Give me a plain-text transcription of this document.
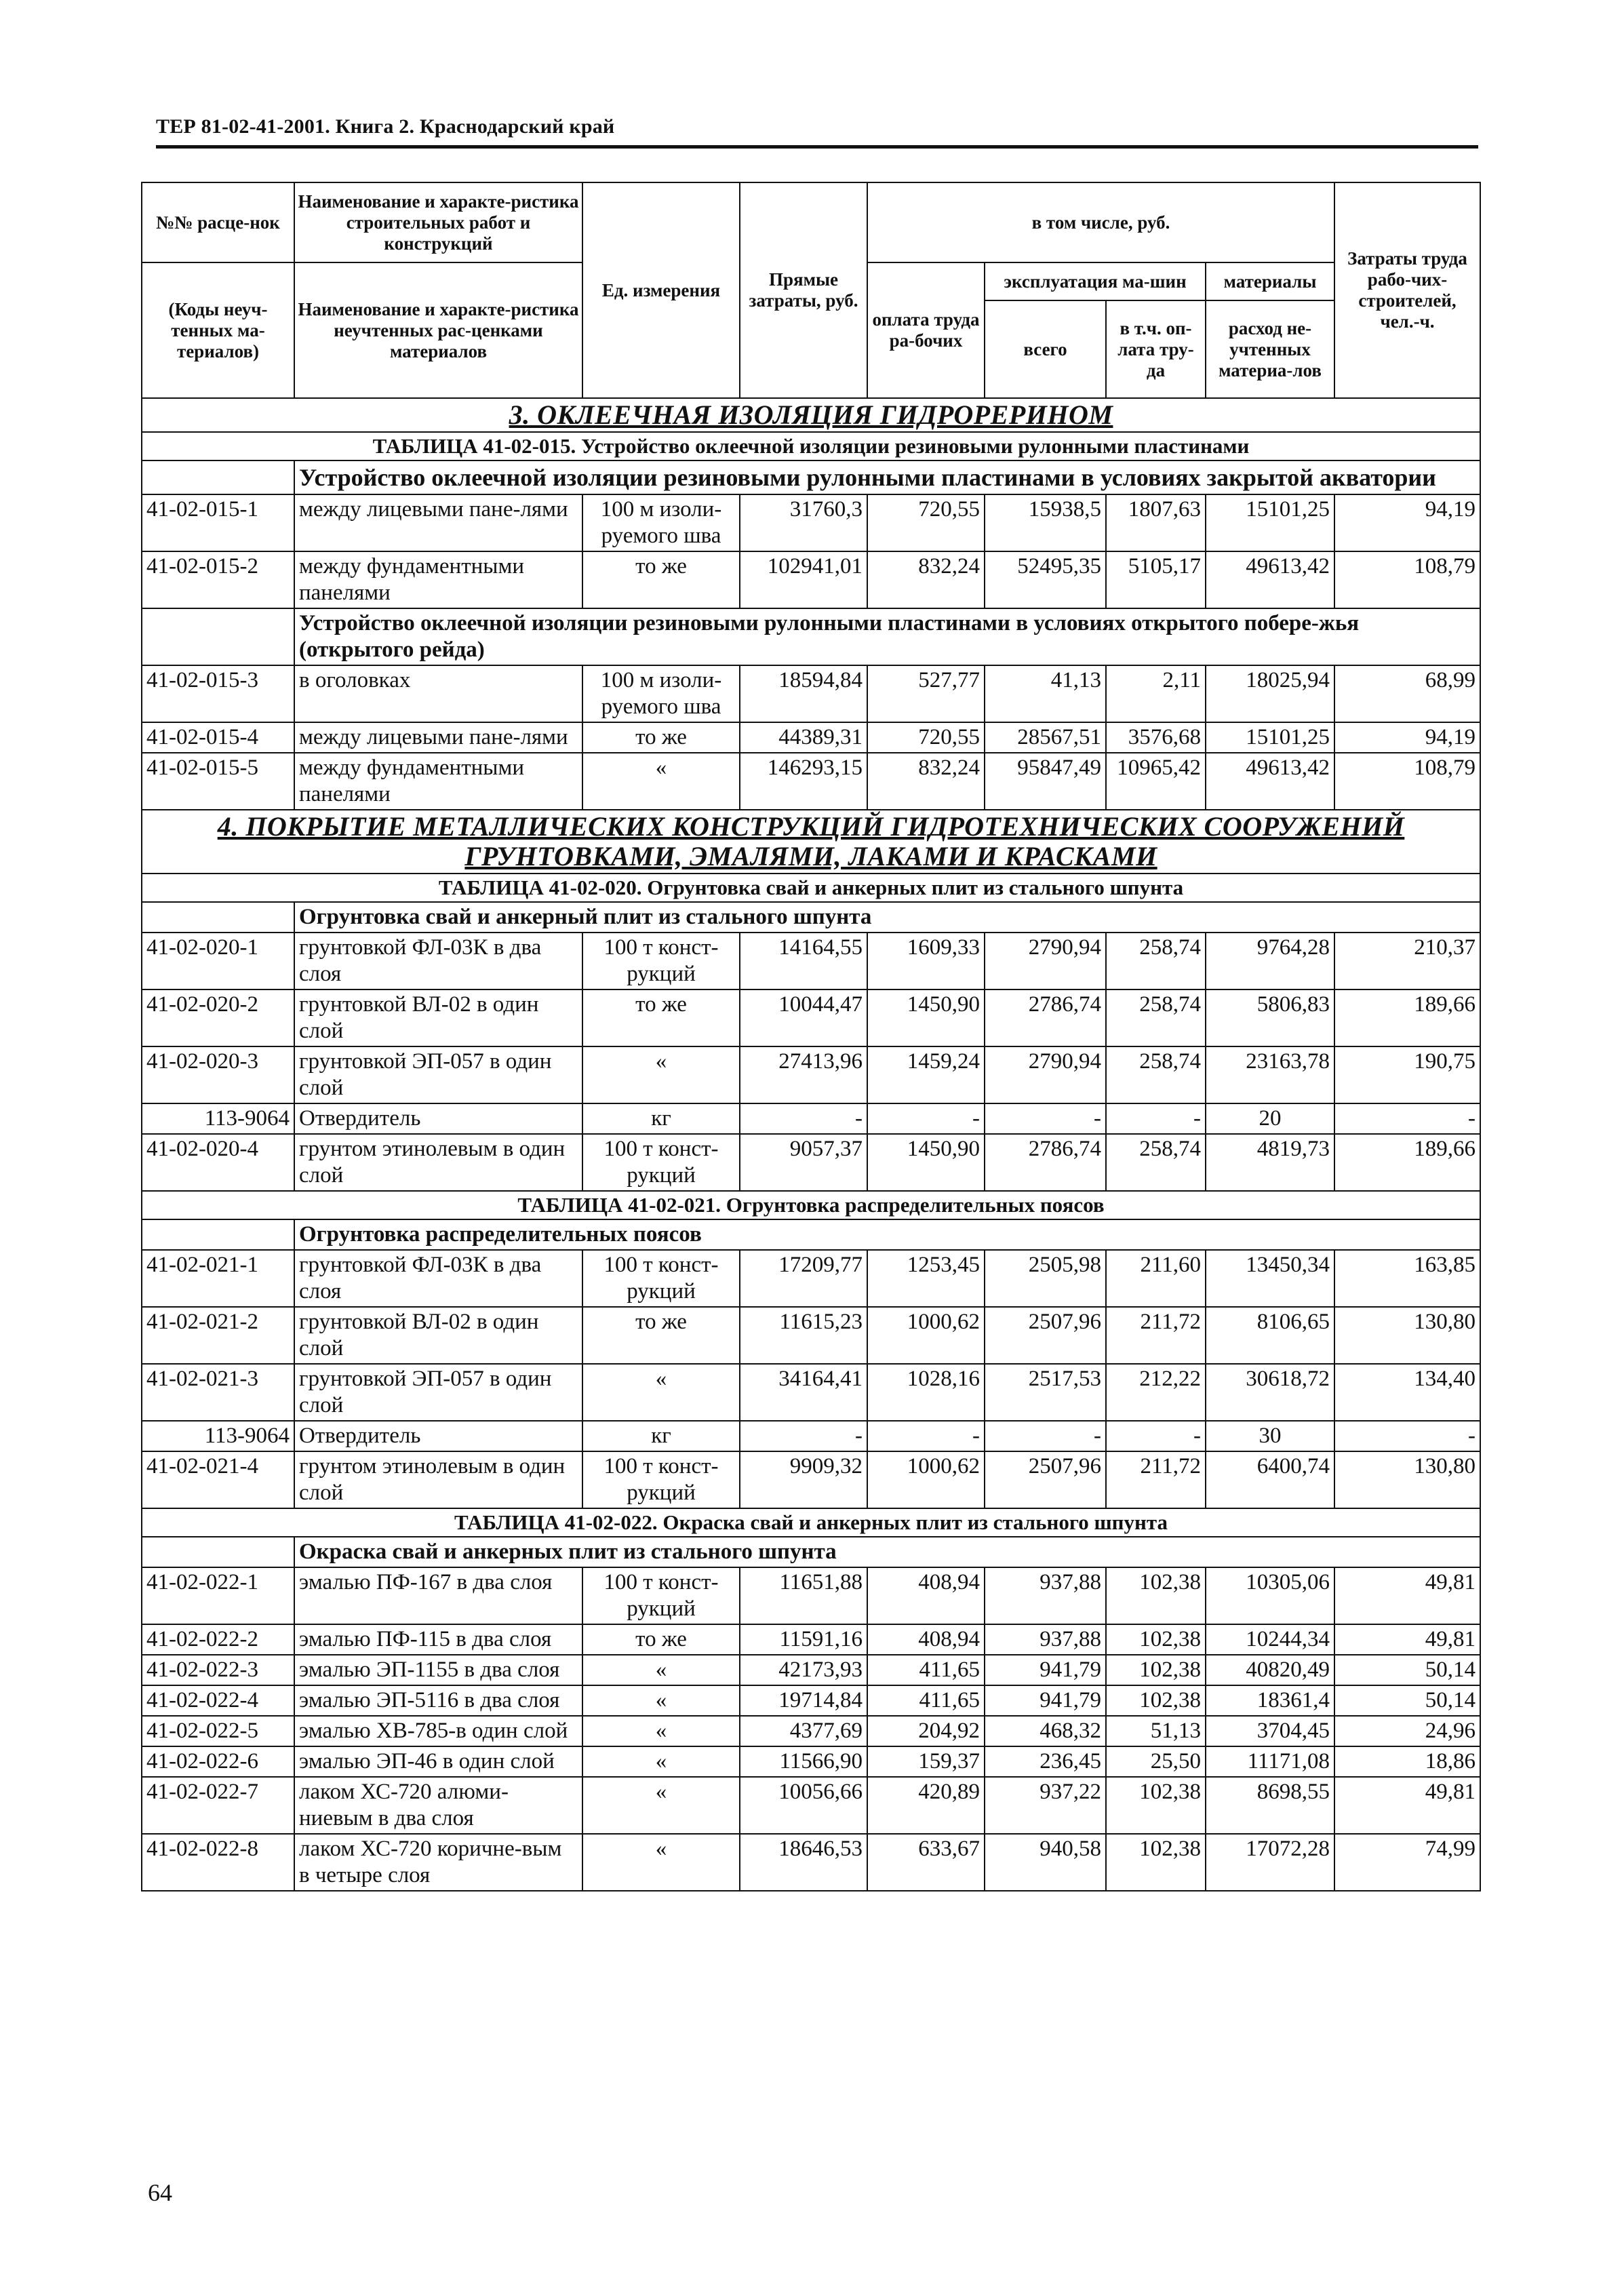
ТЕР 81-02-41-2001. Книга 2. Краснодарский край
№№ расце-нок	Наименование и характе-ристика строительных работ и конструкций	Ед. измерения	Прямые затраты, руб.	в том числе, руб.				Затраты труда рабо-чих-строителей, чел.-ч.
(Коды неуч-тенных ма-териалов)	Наименование и характе-ристика неучтенных рас-ценками материалов			оплата труда ра-бочих	эксплуатация ма-шин		материалы	
					всего	в т.ч. оп-лата тру-да	расход не-учтенных материа-лов	
3. ОКЛЕЕЧНАЯ ИЗОЛЯЦИЯ ГИДРОРЕРИНОМ								
ТАБЛИЦА 41-02-015. Устройство оклеечной изоляции резиновыми рулонными пластинами								
	Устройство оклеечной изоляции резиновыми рулонными пластинами в условиях закрытой акватории							
41-02-015-1	между лицевыми пане-лями	100 м изоли-руемого шва	31760,3	720,55	15938,5	1807,63	15101,25	94,19
41-02-015-2	между фундаментными панелями	то же	102941,01	832,24	52495,35	5105,17	49613,42	108,79
	Устройство оклеечной изоляции резиновыми рулонными пластинами в условиях открытого побере-жья (открытого рейда)							
41-02-015-3	в оголовках	100 м изоли-руемого шва	18594,84	527,77	41,13	2,11	18025,94	68,99
41-02-015-4	между лицевыми пане-лями	то же	44389,31	720,55	28567,51	3576,68	15101,25	94,19
41-02-015-5	между фундаментными панелями	«	146293,15	832,24	95847,49	10965,42	49613,42	108,79
4. ПОКРЫТИЕ МЕТАЛЛИЧЕСКИХ КОНСТРУКЦИЙ ГИДРОТЕХНИЧЕСКИХ СООРУЖЕНИЙ ГРУНТОВКАМИ, ЭМАЛЯМИ, ЛАКАМИ И КРАСКАМИ								
ТАБЛИЦА 41-02-020. Огрунтовка свай и анкерных плит из стального шпунта								
	Огрунтовка свай и анкерный плит из стального шпунта							
41-02-020-1	грунтовкой ФЛ-03К в два слоя	100 т конст-рукций	14164,55	1609,33	2790,94	258,74	9764,28	210,37
41-02-020-2	грунтовкой ВЛ-02 в один слой	то же	10044,47	1450,90	2786,74	258,74	5806,83	189,66
41-02-020-3	грунтовкой ЭП-057 в один слой	«	27413,96	1459,24	2790,94	258,74	23163,78	190,75
113-9064	Отвердитель	кг	-	-	-	-	20	-
41-02-020-4	грунтом этинолевым в один слой	100 т конст-рукций	9057,37	1450,90	2786,74	258,74	4819,73	189,66
ТАБЛИЦА 41-02-021. Огрунтовка распределительных поясов								
	Огрунтовка распределительных поясов							
41-02-021-1	грунтовкой ФЛ-03К в два слоя	100 т конст-рукций	17209,77	1253,45	2505,98	211,60	13450,34	163,85
41-02-021-2	грунтовкой ВЛ-02 в один слой	то же	11615,23	1000,62	2507,96	211,72	8106,65	130,80
41-02-021-3	грунтовкой ЭП-057 в один слой	«	34164,41	1028,16	2517,53	212,22	30618,72	134,40
113-9064	Отвердитель	кг	-	-	-	-	30	-
41-02-021-4	грунтом этинолевым в один слой	100 т конст-рукций	9909,32	1000,62	2507,96	211,72	6400,74	130,80
ТАБЛИЦА 41-02-022. Окраска свай и анкерных плит из стального шпунта								
	Окраска свай и анкерных плит из стального шпунта							
41-02-022-1	эмалью ПФ-167 в два слоя	100 т конст-рукций	11651,88	408,94	937,88	102,38	10305,06	49,81
41-02-022-2	эмалью ПФ-115 в два слоя	то же	11591,16	408,94	937,88	102,38	10244,34	49,81
41-02-022-3	эмалью ЭП-1155 в два слоя	«	42173,93	411,65	941,79	102,38	40820,49	50,14
41-02-022-4	эмалью ЭП-5116 в два слоя	«	19714,84	411,65	941,79	102,38	18361,4	50,14
41-02-022-5	эмалью ХВ-785-в один слой	«	4377,69	204,92	468,32	51,13	3704,45	24,96
41-02-022-6	эмалью ЭП-46 в один слой	«	11566,90	159,37	236,45	25,50	11171,08	18,86
41-02-022-7	лаком ХС-720 алюми-ниевым в два слоя	«	10056,66	420,89	937,22	102,38	8698,55	49,81
41-02-022-8	лаком ХС-720 коричне-вым в четыре слоя	«	18646,53	633,67	940,58	102,38	17072,28	74,99
64
